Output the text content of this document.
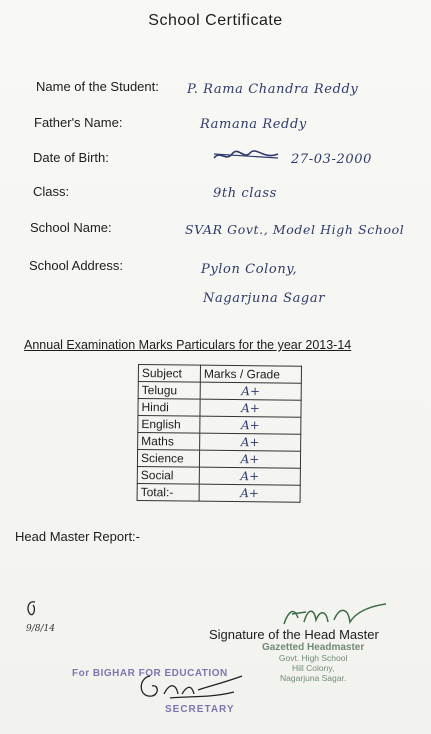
School Certificate
Name of the Student: P. Rama Chandra Reddy
Father's Name:	Ramana Reddy
Date of Birth:	27-03-2000
Class:	9th class
School Name:	SVAR Govt., Model High School
School Address:	Pylon Colony,
Nagarjuna Sagar
Annual Examination Marks Particulars for the year 2013-14
Subject	Marks / Grade
Telugu	A+
Hindi	A+
English	A+
Maths	A+
Science	A+
Social	A+
Total:-	A+
Head Master Report:-
9/8/14	Signature of the Head Master
Gazetted Headmaster
Govt. High School
Hill Colony,
Nagarjuna Sagar.
For BIGHAR FOR EDUCATION
SECRETARY
